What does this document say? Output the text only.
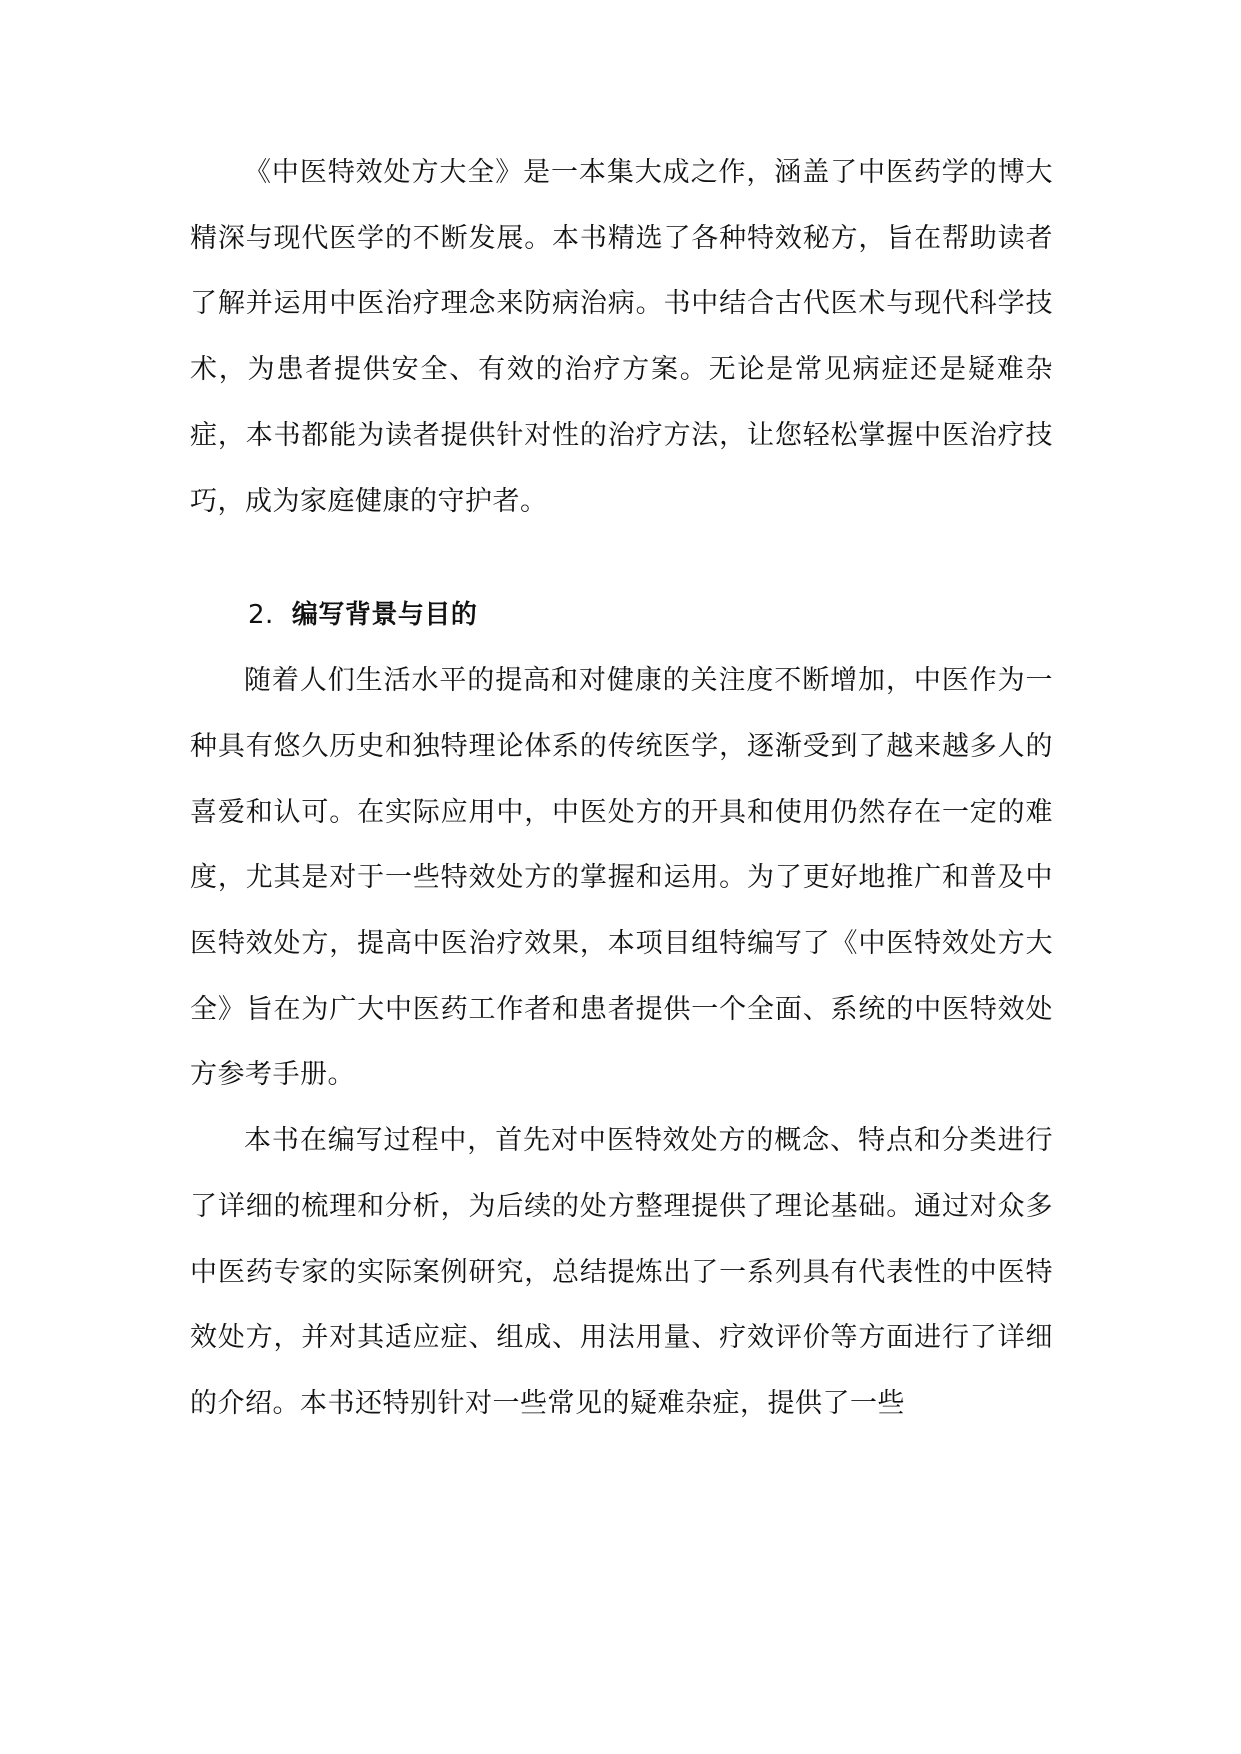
《中医特效处方大全》是一本集大成之作，涵盖了中医药学的博大精深与现代医学的不断发展。本书精选了各种特效秘方，旨在帮助读者了解并运用中医治疗理念来防病治病。书中结合古代医术与现代科学技术，为患者提供安全、有效的治疗方案。无论是常见病症还是疑难杂症，本书都能为读者提供针对性的治疗方法，让您轻松掌握中医治疗技巧，成为家庭健康的守护者。

2. 编写背景与目的

随着人们生活水平的提高和对健康的关注度不断增加，中医作为一种具有悠久历史和独特理论体系的传统医学，逐渐受到了越来越多人的喜爱和认可。在实际应用中，中医处方的开具和使用仍然存在一定的难度，尤其是对于一些特效处方的掌握和运用。为了更好地推广和普及中医特效处方，提高中医治疗效果，本项目组特编写了《中医特效处方大全》旨在为广大中医药工作者和患者提供一个全面、系统的中医特效处方参考手册。

本书在编写过程中，首先对中医特效处方的概念、特点和分类进行了详细的梳理和分析，为后续的处方整理提供了理论基础。通过对众多中医药专家的实际案例研究，总结提炼出了一系列具有代表性的中医特效处方，并对其适应症、组成、用法用量、疗效评价等方面进行了详细的介绍。本书还特别针对一些常见的疑难杂症，提供了一些
